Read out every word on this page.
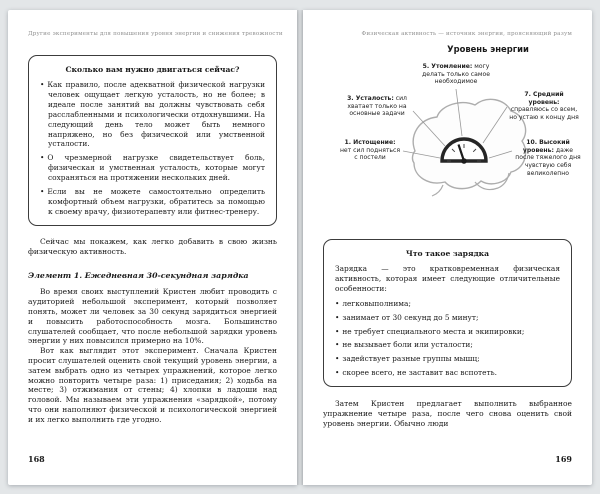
Другие эксперименты для повышения уровня энергии и снижения тревожности
Сколько вам нужно двигаться сейчас?
•  Как правило, после адекватной физической нагрузки человек ощущает легкую усталость, но не более; в идеале после занятий вы должны чувствовать себя расслабленными и психологически отдохнувшими. На следующий день тело может быть немного напряжено, но без физической или умственной усталости.
•  О чрезмерной нагрузке свидетельствует боль, физическая и умственная усталость, которые могут сохраняться на протяжении нескольких дней.
•  Если вы не можете самостоятельно определить комфортный объем нагрузки, обратитесь за помощью к своему врачу, физиотерапевту или фитнес-тренеру.

Сейчас мы покажем, как легко добавить в свою жизнь физическую активность.

Элемент 1. Ежедневная 30-секундная зарядка

Во время своих выступлений Кристен любит проводить с аудиторией небольшой эксперимент, который позволяет понять, может ли человек за 30 секунд зарядиться энергией и повысить работоспособность мозга. Большинство слушателей сообщает, что после небольшой зарядки уровень энергии у них повысился примерно на 10%.

Вот как выглядит этот эксперимент. Сначала Кристен просит слушателей оценить свой текущий уровень энергии, а затем выбрать одно из четырех упражнений, которое легко можно повторить четыре раза: 1) приседания; 2) ходьба на месте; 3) отжимания от стены; 4) хлопки в ладоши над головой. Мы называем эти упражнения «зарядкой», потому что они наполняют физической и психологической энергией и их легко выполнить где угодно.

168
Физическая активность — источник энергии, проясняющий разум
Уровень энергии
5. Утомление: могу делать только самое необходимое
3. Усталость: сил хватает только на основные задачи
7. Средний уровень: справляюсь со всем, но устаю к концу дня
1. Истощение: нет сил подняться с постели
10. Высокий уровень: даже после тяжелого дня чувствую себя великолепно
Что такое зарядка
Зарядка — это кратковременная физическая активность, которая имеет следующие отличительные особенности:
•  легковыполнима;
•  занимает от 30 секунд до 5 минут;
•  не требует специального места и экипировки;
•  не вызывает боли или усталости;
•  задействует разные группы мышц;
•  скорее всего, не заставит вас вспотеть.

Затем Кристен предлагает выполнить выбранное упражнение четыре раза, после чего снова оценить свой уровень энергии. Обычно люди

169
